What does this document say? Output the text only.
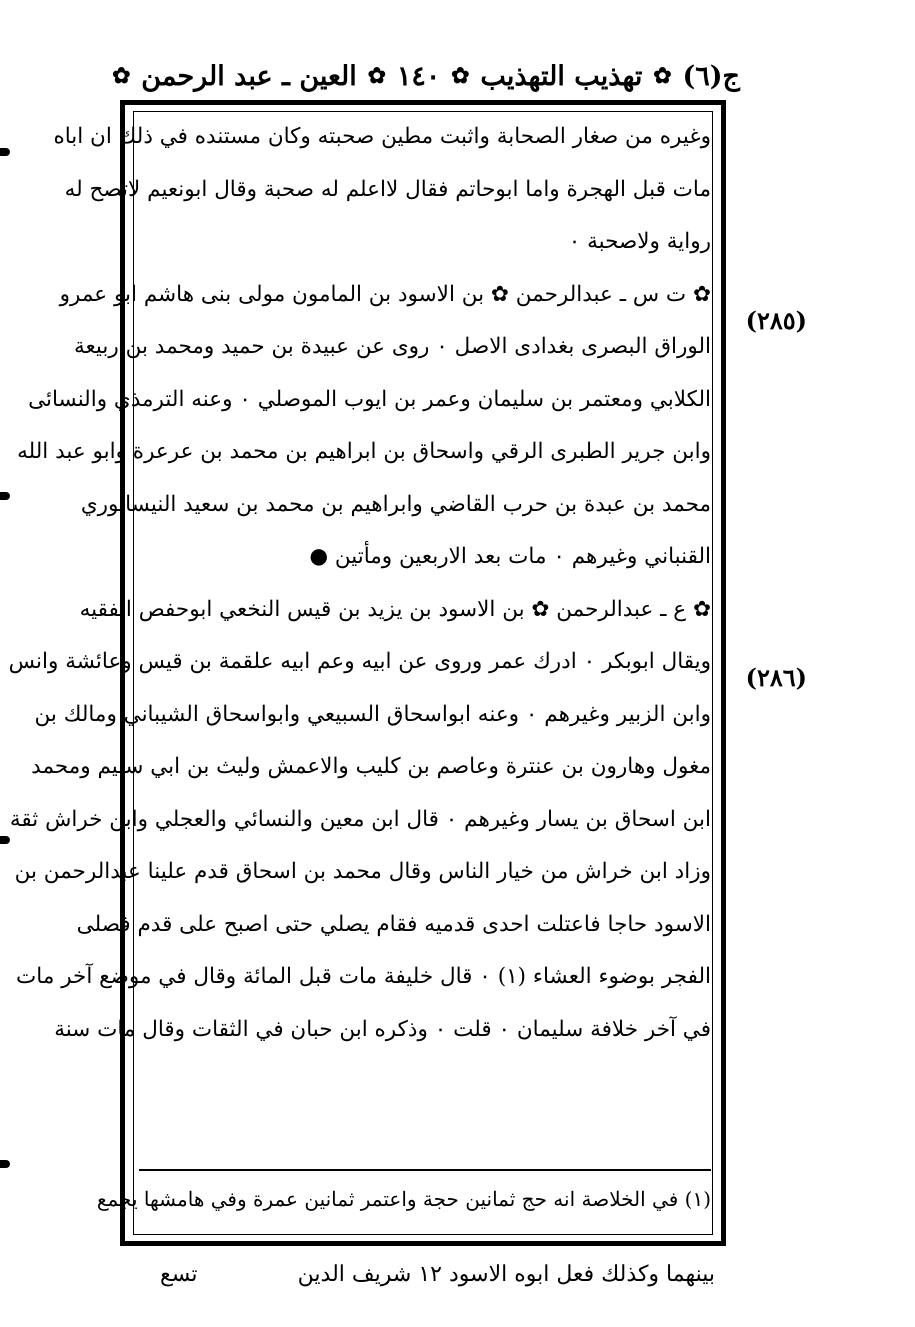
ج(٦)
✿
تهذيب التهذيب
✿
١٤٠
✿
العين ـ عبد الرحمن
✿
وغيره من صغار الصحابة واثبت مطين صحبته وكان مستنده في ذلك ان اباه
مات قبل الهجرة واما ابوحاتم فقال لااعلم له صحبة وقال ابونعيم لاتصح له
رواية ولاصحبة ٠
✿ ت س ـ عبدالرحمن ✿ بن الاسود بن المامون مولى بنى هاشم ابو عمرو
الوراق البصرى بغدادى الاصل ٠ روى عن عبيدة بن حميد ومحمد بن ربيعة
الكلابي ومعتمر بن سليمان وعمر بن ايوب الموصلي ٠ وعنه الترمذي والنسائى
وابن جرير الطبرى الرقي واسحاق بن ابراهيم بن محمد بن عرعرة وابو عبد الله
محمد بن عبدة بن حرب القاضي وابراهيم بن محمد بن سعيد النيسابوري
القنباني وغيرهم ٠ مات بعد الاربعين ومأتين ●
✿ ع ـ عبدالرحمن ✿ بن الاسود بن يزيد بن قيس النخعي ابوحفص الفقيه
ويقال ابوبكر ٠ ادرك عمر وروى عن ابيه وعم ابيه علقمة بن قيس وعائشة وانس
وابن الزبير وغيرهم ٠ وعنه ابواسحاق السبيعي وابواسحاق الشيباني ومالك بن
مغول وهارون بن عنترة وعاصم بن كليب والاعمش وليث بن ابي سليم ومحمد
ابن اسحاق بن يسار وغيرهم ٠ قال ابن معين والنسائي والعجلي وابن خراش ثقة
وزاد ابن خراش من خيار الناس وقال محمد بن اسحاق قدم علينا عبدالرحمن بن
الاسود حاجا فاعتلت احدى قدميه فقام يصلي حتى اصبح على قدم فصلى
الفجر بوضوء العشاء (١) ٠ قال خليفة مات قبل المائة وقال في موضع آخر مات
في آخر خلافة سليمان ٠ قلت ٠ وذكره ابن حبان في الثقات وقال مات سنة
(١) في الخلاصة انه حج ثمانين حجة واعتمر ثمانين عمرة وفي هامشها يجمع
(٢٨٥)
(٢٨٦)
بينهما وكذلك فعل ابوه الاسود ١٢ شريف الدين
تسع
